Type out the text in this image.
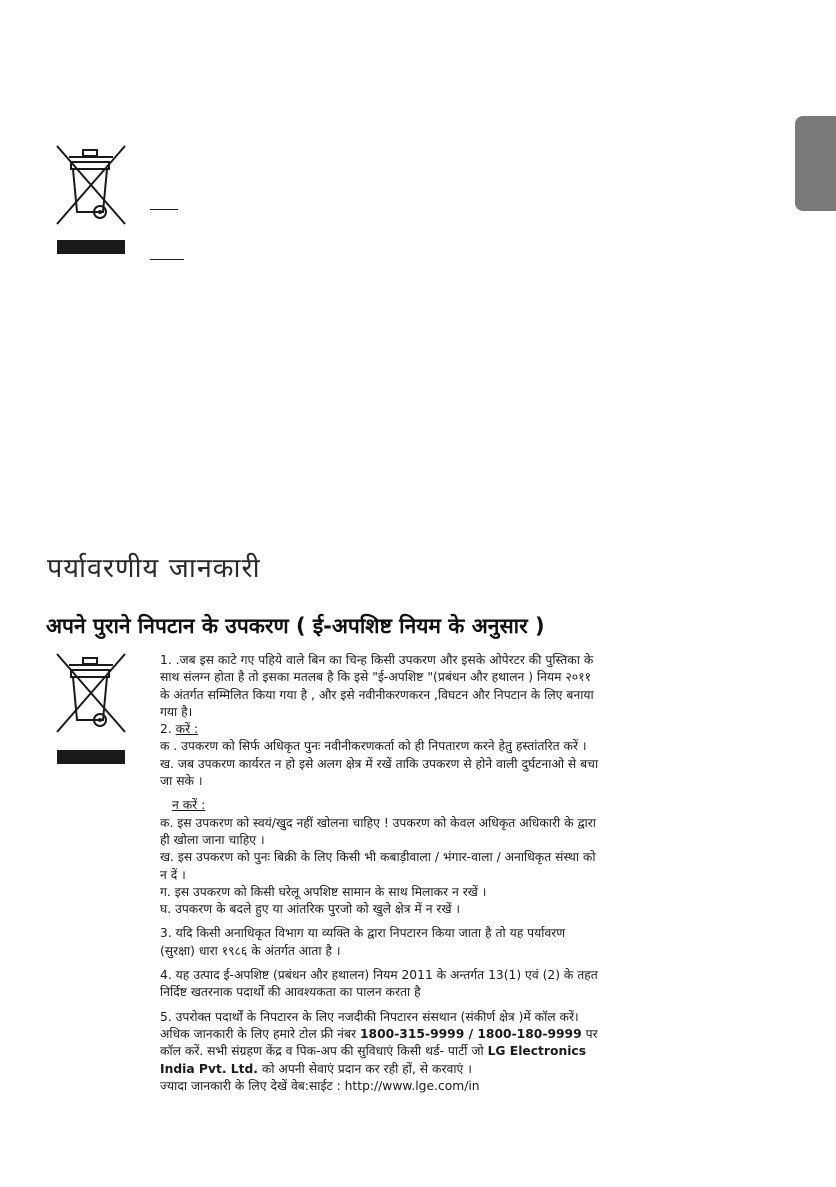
पर्यावरणीय जानकारी
अपने पुराने निपटान के उपकरण ( ई-अपशिष्ट नियम के अनुसार )

1. .जब इस काटे गए पहिये वाले बिन का चिन्ह किसी उपकरण और इसके ओपेरटर की पुस्तिका के साथ संलग्न होता है तो इसका मतलब है कि इसे "ई-अपशिष्ट "(प्रबंधन और हथालन ) नियम २०११ के अंतर्गत सम्मिलित किया गया है , और इसे नवीनीकरणकरन ,विघटन और निपटान के लिए बनाया गया है।

2. करें :

क . उपकरण को सिर्फ अधिकृत पुनः नवीनीकरणकर्ता को ही निपतारण करने हेतु हस्तांतरित करें ।

ख. जब उपकरण कार्यरत न हो इसे अलग क्षेत्र में रखें ताकि उपकरण से होने वाली दुर्घटनाओ से बचा जा सके ।

न करें :

क. इस उपकरण को स्वयं/खुद नहीं खोलना चाहिए ! उपकरण को केवल अधिकृत अधिकारी के द्वारा ही खोला जाना चाहिए ।

ख. इस उपकरण को पुनः बिक्री के लिए किसी भी कबाड़ीवाला / भंगार-वाला / अनाधिकृत संस्था को न दें ।

ग. इस उपकरण को किसी घरेलू अपशिष्ट सामान के साथ मिलाकर न रखें ।

घ. उपकरण के बदले हुए या आंतरिक पुरजो को खुले क्षेत्र में न रखें ।

3. यदि किसी अनाधिकृत विभाग या व्यक्ति के द्वारा निपटारन किया जाता है तो यह पर्यावरण (सुरक्षा) धारा १९८६ के अंतर्गत आता है ।

4. यह उत्पाद ई-अपशिष्ट (प्रबंधन और हथालन) नियम 2011 के अन्तर्गत 13(1) एवं (2) के तहत निर्दिष्ट खतरनाक पदार्थों की आवश्यकता का पालन करता है

5. उपरोक्त पदार्थों के निपटारन के लिए नजदीकी निपटारन संसथान (संकीर्ण क्षेत्र )में कॉल करें। अधिक जानकारी के लिए हमारे टोल फ्री नंबर 1800-315-9999 / 1800-180-9999 पर कॉल करें. सभी संग्रहण केंद्र व पिक-अप की सुविधाएं किसी थर्ड- पार्टी जो LG Electronics India Pvt. Ltd. को अपनी सेवाएं प्रदान कर रही हों, से करवाएं ।

ज्यादा जानकारी के लिए देखें वेब:साईट : http://www.lge.com/in
